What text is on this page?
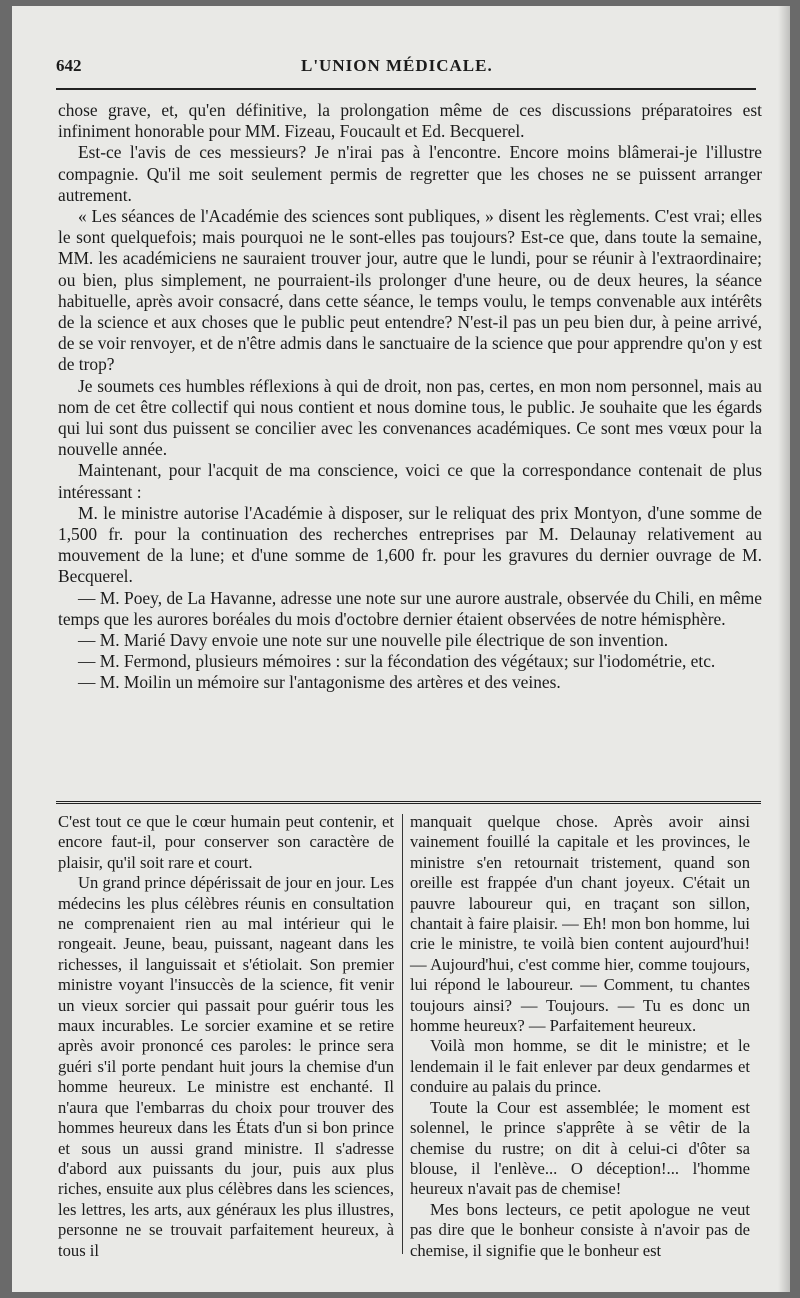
642	L'UNION MÉDICALE.

chose grave, et, qu'en définitive, la prolongation même de ces discussions préparatoires est infiniment honorable pour MM. Fizeau, Foucault et Ed. Becquerel.

Est-ce l'avis de ces messieurs? Je n'irai pas à l'encontre. Encore moins blâmerai-je l'illustre compagnie. Qu'il me soit seulement permis de regretter que les choses ne se puissent arranger autrement.

« Les séances de l'Académie des sciences sont publiques, » disent les règlements. C'est vrai; elles le sont quelquefois; mais pourquoi ne le sont-elles pas toujours? Est-ce que, dans toute la semaine, MM. les académiciens ne sauraient trouver jour, autre que le lundi, pour se réunir à l'extraordinaire; ou bien, plus simplement, ne pourraient-ils prolonger d'une heure, ou de deux heures, la séance habituelle, après avoir consacré, dans cette séance, le temps voulu, le temps convenable aux intérêts de la science et aux choses que le public peut entendre? N'est-il pas un peu bien dur, à peine arrivé, de se voir renvoyer, et de n'être admis dans le sanctuaire de la science que pour apprendre qu'on y est de trop?

Je soumets ces humbles réflexions à qui de droit, non pas, certes, en mon nom personnel, mais au nom de cet être collectif qui nous contient et nous domine tous, le public. Je souhaite que les égards qui lui sont dus puissent se concilier avec les convenances académiques. Ce sont mes vœux pour la nouvelle année.

Maintenant, pour l'acquit de ma conscience, voici ce que la correspondance contenait de plus intéressant :

M. le ministre autorise l'Académie à disposer, sur le reliquat des prix Montyon, d'une somme de 1,500 fr. pour la continuation des recherches entreprises par M. Delaunay relativement au mouvement de la lune; et d'une somme de 1,600 fr. pour les gravures du dernier ouvrage de M. Becquerel.

— M. Poey, de La Havanne, adresse une note sur une aurore australe, observée du Chili, en même temps que les aurores boréales du mois d'octobre dernier étaient observées de notre hémisphère.

— M. Marié Davy envoie une note sur une nouvelle pile électrique de son invention.

— M. Fermond, plusieurs mémoires : sur la fécondation des végétaux; sur l'iodométrie, etc.

— M. Moilin un mémoire sur l'antagonisme des artères et des veines.

C'est tout ce que le cœur humain peut contenir, et encore faut-il, pour conserver son caractère de plaisir, qu'il soit rare et court.

Un grand prince dépérissait de jour en jour. Les médecins les plus célèbres réunis en consultation ne comprenaient rien au mal intérieur qui le rongeait. Jeune, beau, puissant, nageant dans les richesses, il languissait et s'étiolait. Son premier ministre voyant l'insuccès de la science, fit venir un vieux sorcier qui passait pour guérir tous les maux incurables. Le sorcier examine et se retire après avoir prononcé ces paroles: le prince sera guéri s'il porte pendant huit jours la chemise d'un homme heureux. Le ministre est enchanté. Il n'aura que l'embarras du choix pour trouver des hommes heureux dans les États d'un si bon prince et sous un aussi grand ministre. Il s'adresse d'abord aux puissants du jour, puis aux plus riches, ensuite aux plus célèbres dans les sciences, les lettres, les arts, aux généraux les plus illustres, personne ne se trouvait parfaitement heureux, à tous il

manquait quelque chose. Après avoir ainsi vainement fouillé la capitale et les provinces, le ministre s'en retournait tristement, quand son oreille est frappée d'un chant joyeux. C'était un pauvre laboureur qui, en traçant son sillon, chantait à faire plaisir. — Eh! mon bon homme, lui crie le ministre, te voilà bien content aujourd'hui! — Aujourd'hui, c'est comme hier, comme toujours, lui répond le laboureur. — Comment, tu chantes toujours ainsi? — Toujours. — Tu es donc un homme heureux? — Parfaitement heureux.

Voilà mon homme, se dit le ministre; et le lendemain il le fait enlever par deux gendarmes et conduire au palais du prince.

Toute la Cour est assemblée; le moment est solennel, le prince s'apprête à se vêtir de la chemise du rustre; on dit à celui-ci d'ôter sa blouse, il l'enlève... O déception!... l'homme heureux n'avait pas de chemise!

Mes bons lecteurs, ce petit apologue ne veut pas dire que le bonheur consiste à n'avoir pas de chemise, il signifie que le bonheur est
